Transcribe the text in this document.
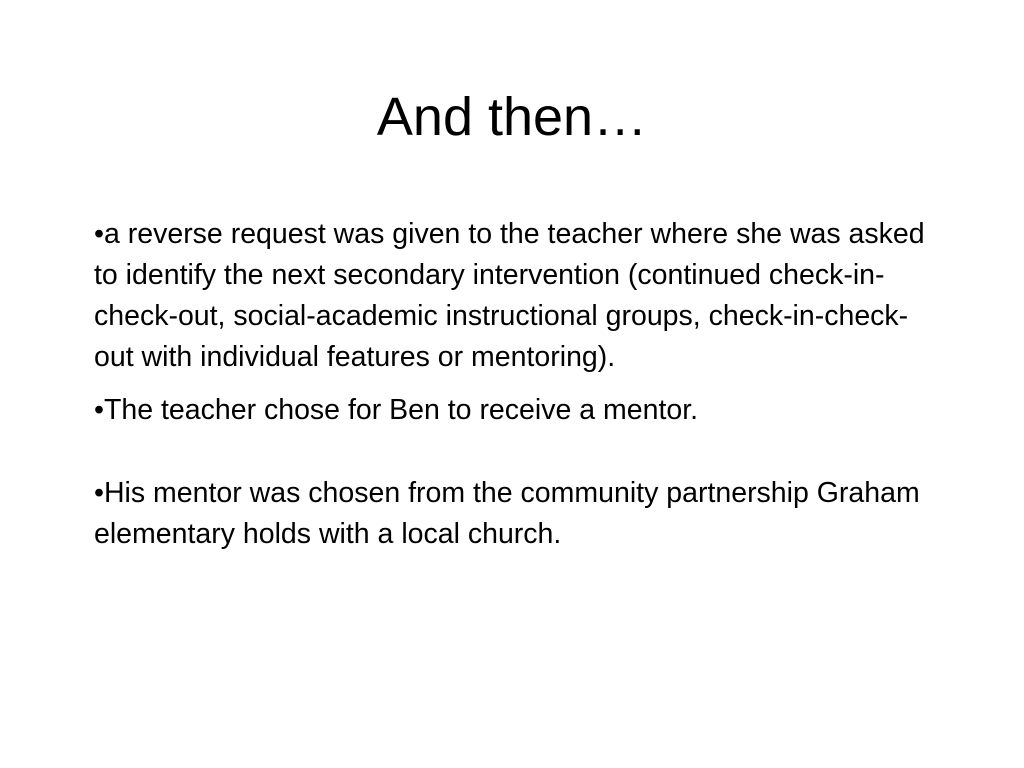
And then…
•a reverse request was given to the teacher where she was asked to identify the next secondary intervention (continued check-in-check-out, social-academic instructional groups, check-in-check-out with individual features or mentoring).
•The teacher chose for Ben to receive a mentor.
•His mentor was chosen from the community partnership Graham elementary holds with a local church.
